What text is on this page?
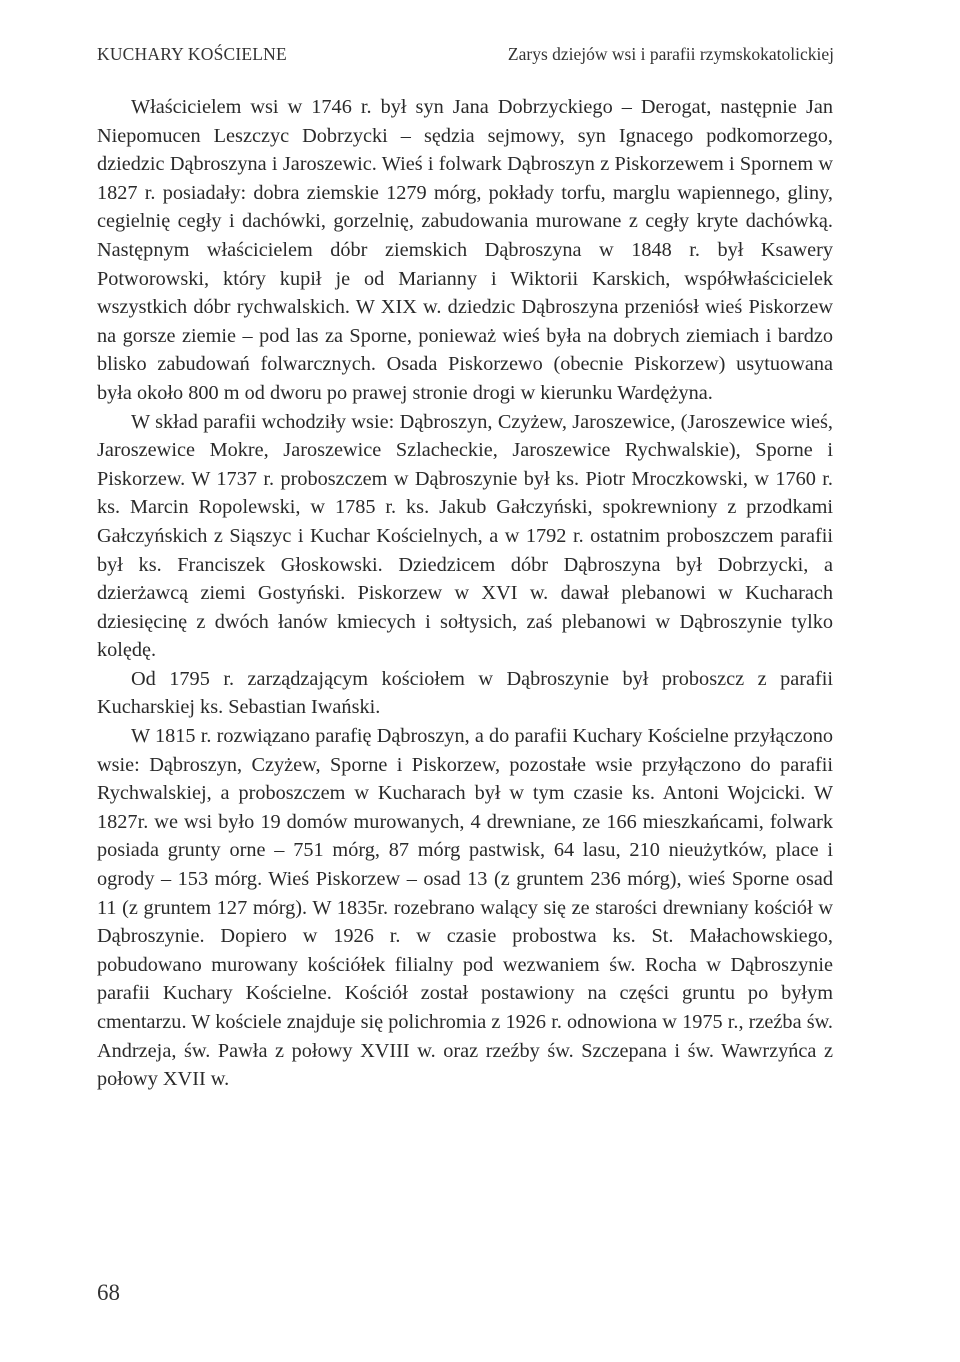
KUCHARY KOŚCIELNE	Zarys dziejów wsi i parafii rzymskokatolickiej

Właścicielem wsi w 1746 r. był syn Jana Dobrzyckiego – Derogat, następnie Jan Niepomucen Leszczyc Dobrzycki – sędzia sejmowy, syn Ignacego podkomorzego, dziedzic Dąbroszyna i Jaroszewic. Wieś i folwark Dąbroszyn z Piskorzewem i Spornem w 1827 r. posiadały: dobra ziemskie 1279 mórg, pokłady torfu, marglu wapiennego, gliny, cegielnię cegły i dachówki, gorzelnię, zabudowania murowane z cegły kryte dachówką. Następnym właścicielem dóbr ziemskich Dąbroszyna w 1848 r. był Ksawery Potworowski, który kupił je od Marianny i Wiktorii Karskich, współwłaścicielek wszystkich dóbr rychwalskich. W XIX w. dziedzic Dąbroszyna przeniósł wieś Piskorzew na gorsze ziemie – pod las za Sporne, ponieważ wieś była na dobrych ziemiach i bardzo blisko zabudowań folwarcznych. Osada Piskorzewo (obecnie Piskorzew) usytuowana była około 800 m od dworu po prawej stronie drogi w kierunku Wardężyna.

W skład parafii wchodziły wsie: Dąbroszyn, Czyżew, Jaroszewice, (Jaroszewice wieś, Jaroszewice Mokre, Jaroszewice Szlacheckie, Jaroszewice Rychwalskie), Sporne i Piskorzew. W 1737 r. proboszczem w Dąbroszynie był ks. Piotr Mroczkowski, w 1760 r. ks. Marcin Ropolewski, w 1785 r. ks. Jakub Gałczyński, spokrewniony z przodkami Gałczyńskich z Siąszyc i Kuchar Kościelnych, a w 1792 r. ostatnim proboszczem parafii był ks. Franciszek Głoskowski. Dziedzicem dóbr Dąbroszyna był Dobrzycki, a dzierżawcą ziemi Gostyński. Piskorzew w XVI w. dawał plebanowi w Kucharach dziesięcinę z dwóch łanów kmiecych i sołtysich, zaś plebanowi w Dąbroszynie tylko kolędę.

Od 1795 r. zarządzającym kościołem w Dąbroszynie był proboszcz z parafii Kucharskiej ks. Sebastian Iwański.

W 1815 r. rozwiązano parafię Dąbroszyn, a do parafii Kuchary Kościelne przyłączono wsie: Dąbroszyn, Czyżew, Sporne i Piskorzew, pozostałe wsie przyłączono do parafii Rychwalskiej, a proboszczem w Kucharach był w tym czasie ks. Antoni Wojcicki. W 1827r. we wsi było 19 domów murowanych, 4 drewniane, ze 166 mieszkańcami, folwark posiada grunty orne – 751 mórg, 87 mórg pastwisk, 64 lasu, 210 nieużytków, place i ogrody – 153 mórg. Wieś Piskorzew – osad 13 (z gruntem 236 mórg), wieś Sporne osad 11 (z gruntem 127 mórg). W 1835r. rozebrano walący się ze starości drewniany kościół w Dąbroszynie. Dopiero w 1926 r. w czasie probostwa ks. St. Małachowskiego, pobudowano murowany kościółek filialny pod wezwaniem św. Rocha w Dąbroszynie parafii Kuchary Kościelne. Kościół został postawiony na części gruntu po byłym cmentarzu. W kościele znajduje się polichromia z 1926 r. odnowiona w 1975 r., rzeźba św. Andrzeja, św. Pawła z połowy XVIII w. oraz rzeźby św. Szczepana i św. Wawrzyńca z połowy XVII w.

68
